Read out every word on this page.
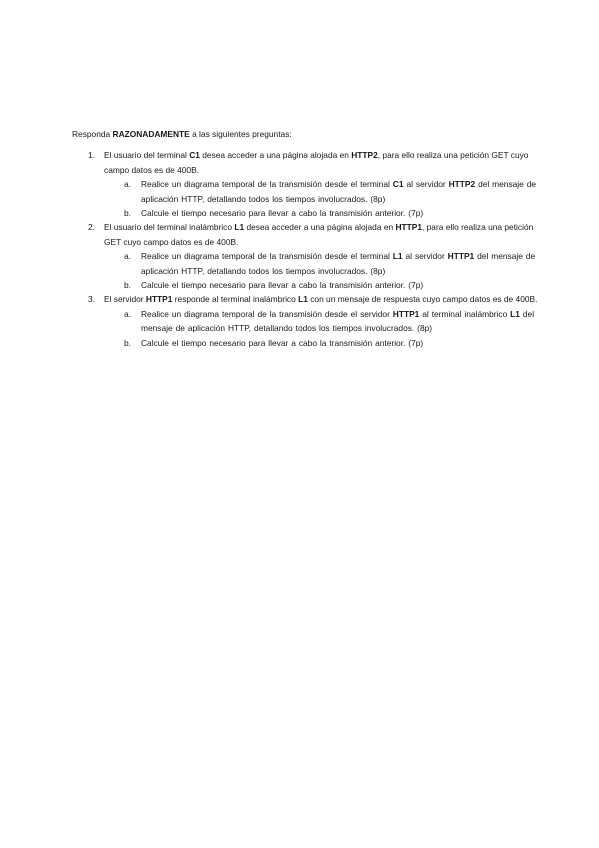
Responda RAZONADAMENTE a las siguientes preguntas:

1. El usuario del terminal C1 desea acceder a una página alojada en HTTP2, para ello realiza una petición GET cuyo campo datos es de 400B.
a. Realice un diagrama temporal de la transmisión desde el terminal C1 al servidor HTTP2 del mensaje de aplicación HTTP, detallando todos los tiempos involucrados. (8p)
b. Calcule el tiempo necesario para llevar a cabo la transmisión anterior. (7p)
2. El usuario del terminal inalámbrico L1 desea acceder a una página alojada en HTTP1, para ello realiza una petición GET cuyo campo datos es de 400B.
a. Realice un diagrama temporal de la transmisión desde el terminal L1 al servidor HTTP1 del mensaje de aplicación HTTP, detallando todos los tiempos involucrados. (8p)
b. Calcule el tiempo necesario para llevar a cabo la transmisión anterior. (7p)
3. El servidor HTTP1 responde al terminal inalámbrico L1 con un mensaje de respuesta cuyo campo datos es de 400B.
a. Realice un diagrama temporal de la transmisión desde el servidor HTTP1 al terminal inalámbrico L1 del mensaje de aplicación HTTP, detallando todos los tiempos involucrados. (8p)
b. Calcule el tiempo necesario para llevar a cabo la transmisión anterior. (7p)
